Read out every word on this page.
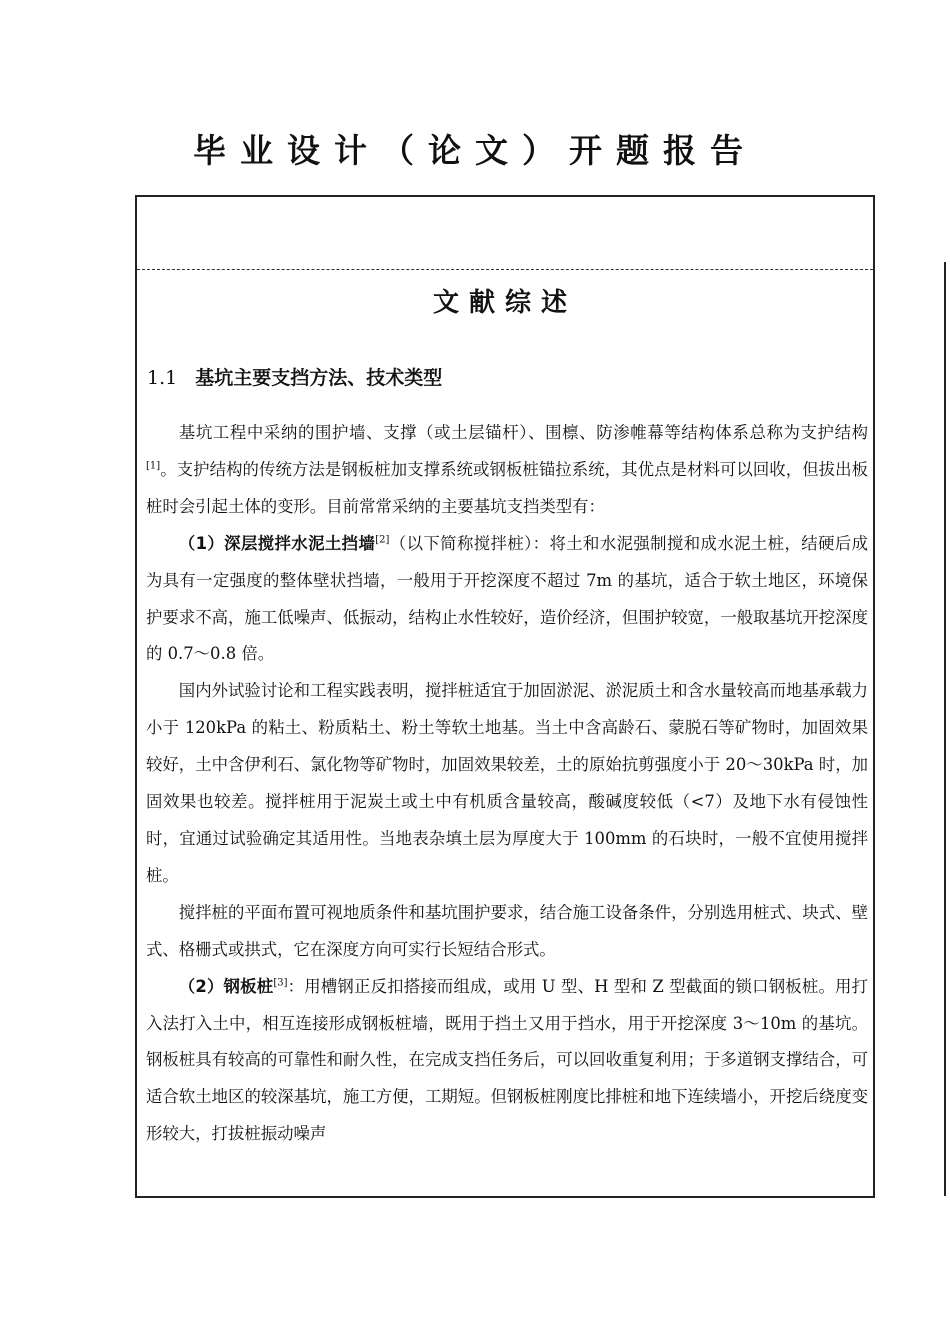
毕业设计（论文）开题报告
文献综述
1.1 基坑主要支挡方法、技术类型

基坑工程中采纳的围护墙、支撑（或土层锚杆）、围檩、防渗帷幕等结构体系总称为支护结构[1]。支护结构的传统方法是钢板桩加支撑系统或钢板桩锚拉系统，其优点是材料可以回收，但拔出板桩时会引起土体的变形。目前常常采纳的主要基坑支挡类型有：

（1）深层搅拌水泥土挡墙[2]（以下简称搅拌桩）：将土和水泥强制搅和成水泥土桩，结硬后成为具有一定强度的整体壁状挡墙，一般用于开挖深度不超过 7m 的基坑，适合于软土地区，环境保护要求不高，施工低噪声、低振动，结构止水性较好，造价经济，但围护较宽，一般取基坑开挖深度的 0.7～0.8 倍。

国内外试验讨论和工程实践表明，搅拌桩适宜于加固淤泥、淤泥质土和含水量较高而地基承载力小于 120kPa 的粘土、粉质粘土、粉土等软土地基。当土中含高龄石、蒙脱石等矿物时，加固效果较好，土中含伊利石、氯化物等矿物时，加固效果较差，土的原始抗剪强度小于 20～30kPa 时，加固效果也较差。搅拌桩用于泥炭土或土中有机质含量较高，酸碱度较低（<7）及地下水有侵蚀性时，宜通过试验确定其适用性。当地表杂填土层为厚度大于 100mm 的石块时，一般不宜使用搅拌桩。

搅拌桩的平面布置可视地质条件和基坑围护要求，结合施工设备条件，分别选用桩式、块式、壁式、格栅式或拱式，它在深度方向可实行长短结合形式。

（2）钢板桩[3]：用槽钢正反扣搭接而组成，或用 U 型、H 型和 Z 型截面的锁口钢板桩。用打入法打入土中，相互连接形成钢板桩墙，既用于挡土又用于挡水，用于开挖深度 3～10m 的基坑。钢板桩具有较高的可靠性和耐久性，在完成支挡任务后，可以回收重复利用；于多道钢支撑结合，可适合软土地区的较深基坑，施工方便，工期短。但钢板桩刚度比排桩和地下连续墙小，开挖后绕度变形较大，打拔桩振动噪声
